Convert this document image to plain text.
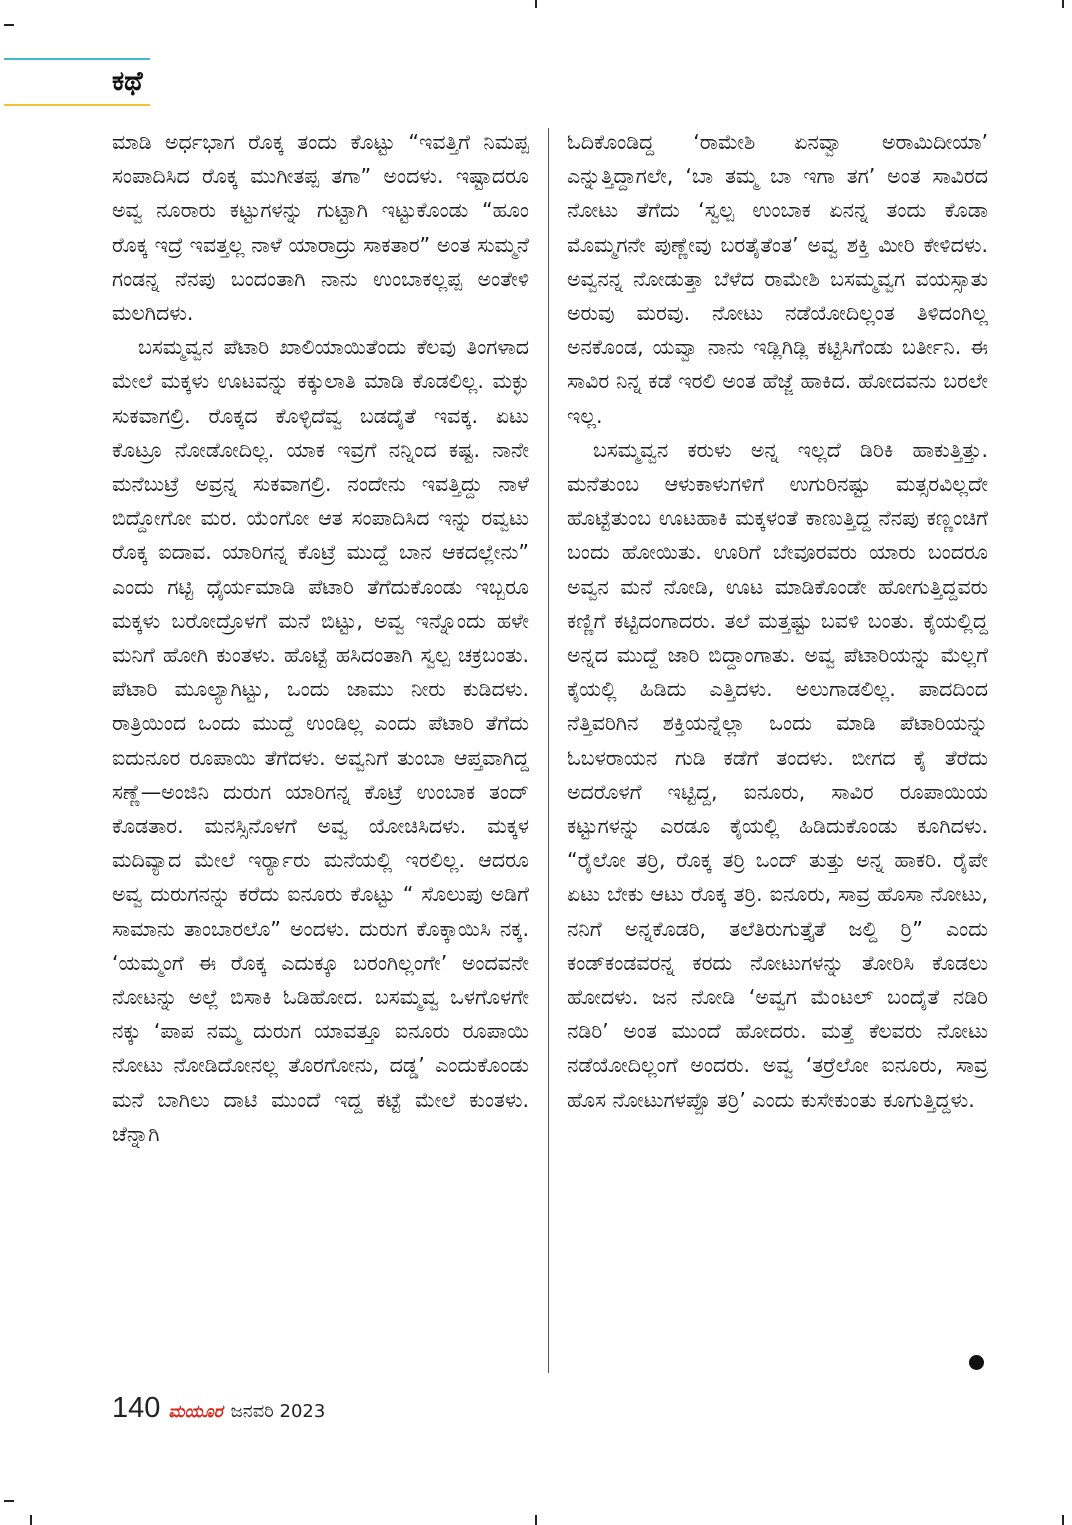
ಕಥೆ

ಮಾಡಿ ಅರ್ಧಭಾಗ ರೊಕ್ಕ ತಂದು ಕೊಟ್ಟು “ಇವತ್ತಿಗೆ ನಿಮಪ್ಪ ಸಂಪಾದಿಸಿದ ರೊಕ್ಕ ಮುಗೀತಪ್ಪ ತಗಾ” ಅಂದಳು. ಇಷ್ಟಾದರೂ ಅವ್ವ ನೂರಾರು ಕಟ್ಟುಗಳನ್ನು ಗುಟ್ಟಾಗಿ ಇಟ್ಟುಕೊಂಡು “ಹೂಂ ರೊಕ್ಕ ಇದ್ರೆ ಇವತ್ತಲ್ಲ ನಾಳೆ ಯಾರಾದ್ರು ಸಾಕತಾರ” ಅಂತ ಸುಮ್ಮನೆ ಗಂಡನ್ನ ನೆನಪು ಬಂದಂತಾಗಿ ನಾನು ಉಂಬಾಕಲ್ಲಪ್ಪ ಅಂತೇಳಿ ಮಲಗಿದಳು.

ಬಸಮ್ಮವ್ವನ ಪೆಟಾರಿ ಖಾಲಿಯಾಯಿತೆಂದು ಕೆಲವು ತಿಂಗಳಾದ ಮೇಲೆ ಮಕ್ಕಳು ಊಟವನ್ನು ಕಕ್ಕುಲಾತಿ ಮಾಡಿ ಕೊಡಲಿಲ್ಲ. ಮಕ್ಳು ಸುಕವಾಗಲ್ರಿ. ರೊಕ್ಕದ ಕೊಳ್ಳಿದೆವ್ವ ಬಡದೈತೆ ಇವಕ್ಕ. ಏಟು ಕೊಟ್ರೂ ನೋಡೋದಿಲ್ಲ. ಯಾಕ ಇವ್ರಗೆ ನನ್ನಿಂದ ಕಷ್ಟ. ನಾನೇ ಮನೆಬುಟ್ರೆ ಅವ್ರನ್ನ ಸುಕವಾಗಲ್ರಿ. ನಂದೇನು ಇವತ್ತಿದ್ದು ನಾಳೆ ಬಿದ್ದೋಗೋ ಮರ. ಯೆಂಗೋ ಆತ ಸಂಪಾದಿಸಿದ ಇನ್ನು ರವ್ವಟು ರೊಕ್ಕ ಐದಾವ. ಯಾರಿಗನ್ನ ಕೊಟ್ರೆ ಮುದ್ದೆ ಬಾನ ಆಕದಲ್ಲೇನು” ಎಂದು ಗಟ್ಟಿ ಧೈರ್ಯಮಾಡಿ ಪೆಟಾರಿ ತೆಗೆದುಕೊಂಡು ಇಬ್ಬರೂ ಮಕ್ಕಳು ಬರೋದ್ರೊಳಗೆ ಮನೆ ಬಿಟ್ಟು, ಅವ್ವ ಇನ್ನೊಂದು ಹಳೇ ಮನಿಗೆ ಹೋಗಿ ಕುಂತಳು. ಹೊಟ್ಟೆ ಹಸಿದಂತಾಗಿ ಸ್ವಲ್ಪ ಚಕ್ರಬಂತು. ಪೆಟಾರಿ ಮೂಲ್ಯಾಗಿಟ್ಟು, ಒಂದು ಜಾಮು ನೀರು ಕುಡಿದಳು. ರಾತ್ರಿಯಿಂದ ಒಂದು ಮುದ್ದೆ ಉಂಡಿಲ್ಲ ಎಂದು ಪೆಟಾರಿ ತೆಗೆದು ಐದುನೂರ ರೂಪಾಯಿ ತೆಗೆದಳು. ಅವ್ವನಿಗೆ ತುಂಬಾ ಆಪ್ತವಾಗಿದ್ದ ಸಣ್ಣೆ—ಅಂಜಿನಿ ದುರುಗ ಯಾರಿಗನ್ನ ಕೊಟ್ರೆ ಉಂಬಾಕ ತಂದ್ ಕೊಡತಾರ. ಮನಸ್ಸಿನೊಳಗೆ ಅವ್ವ ಯೋಚಿಸಿದಳು. ಮಕ್ಕಳ ಮದಿವ್ಯಾದ ಮೇಲೆ ಇರ್ರ್ಯಾರು ಮನೆಯಲ್ಲಿ ಇರಲಿಲ್ಲ. ಆದರೂ ಅವ್ವ ದುರುಗನನ್ನು ಕರೆದು ಐನೂರು ಕೊಟ್ಟು “ ಸೊಲುಪು ಅಡಿಗೆ ಸಾಮಾನು ತಾಂಬಾರಲೊ” ಅಂದಳು. ದುರುಗ ಕೊಕ್ಕಾಯಿಸಿ ನಕ್ಕ. ‘ಯಮ್ಮಂಗೆ ಈ ರೊಕ್ಕ ಎದುಕ್ಕೂ ಬರಂಗಿಲ್ಲಂಗೇ’ ಅಂದವನೇ ನೋಟನ್ನು ಅಲ್ಲೆ ಬಿಸಾಕಿ ಓಡಿಹೋದ. ಬಸಮ್ಮವ್ವ ಒಳಗೊಳಗೇ ನಕ್ಕು ‘ಪಾಪ ನಮ್ಮ ದುರುಗ ಯಾವತ್ತೂ ಐನೂರು ರೂಪಾಯಿ ನೋಟು ನೋಡಿದೋನಲ್ಲ ತೊರಗೋನು, ದಡ್ಡ’ ಎಂದುಕೊಂಡು ಮನೆ ಬಾಗಿಲು ದಾಟಿ ಮುಂದೆ ಇದ್ದ ಕಟ್ಟೆ ಮೇಲೆ ಕುಂತಳು. ಚೆನ್ನಾಗಿ

ಓದಿಕೊಂಡಿದ್ದ ‘ರಾಮೇಶಿ ಏನವ್ವಾ ಅರಾಮಿದೀಯಾ’ ಎನ್ನುತ್ತಿದ್ದಾಗಲೇ, ‘ಬಾ ತಮ್ಮ ಬಾ ಇಗಾ ತಗ’ ಅಂತ ಸಾವಿರದ ನೋಟು ತೆಗೆದು ‘ಸ್ವಲ್ಪ ಉಂಬಾಕ ಏನನ್ನ ತಂದು ಕೊಡಾ ಮೊಮ್ಮಗನೇ ಪುಣ್ಣೇವು ಬರತೈತೆಂತ’ ಅವ್ವ ಶಕ್ತಿ ಮೀರಿ ಕೇಳಿದಳು. ಅವ್ವನನ್ನ ನೋಡುತ್ತಾ ಬೆಳೆದ ರಾಮೇಶಿ ಬಸಮ್ಮವ್ವಗ ವಯಸ್ಸಾತು ಅರುವು ಮರವು. ನೋಟು ನಡೆಯೋದಿಲ್ಲಂತ ತಿಳಿದಂಗಿಲ್ಲ ಅನಕೊಂಡ, ಯವ್ವಾ ನಾನು ಇಡ್ಲಿಗಿಡ್ಲಿ ಕಟ್ಟಿಸಿಗೆಂಡು ಬರ್ತೀನಿ. ಈ ಸಾವಿರ ನಿನ್ನ ಕಡೆ ಇರಲಿ ಅಂತ ಹೆಜ್ಜೆ ಹಾಕಿದ. ಹೋದವನು ಬರಲೇ ಇಲ್ಲ.

ಬಸಮ್ಮವ್ವನ ಕರುಳು ಅನ್ನ ಇಲ್ಲದೆ ಡಿರಿಕಿ ಹಾಕುತ್ತಿತ್ತು. ಮನೆತುಂಬ ಆಳುಕಾಳುಗಳಿಗೆ ಉಗುರಿನಷ್ಟು ಮತ್ಸರವಿಲ್ಲದೇ ಹೊಟ್ಟೆತುಂಬ ಊಟಹಾಕಿ ಮಕ್ಕಳಂತೆ ಕಾಣುತ್ತಿದ್ದ ನೆನಪು ಕಣ್ಣಂಚಿಗೆ ಬಂದು ಹೋಯಿತು. ಊರಿಗೆ ಬೇವೂರವರು ಯಾರು ಬಂದರೂ ಅವ್ವನ ಮನೆ ನೋಡಿ, ಊಟ ಮಾಡಿಕೊಂಡೇ ಹೋಗುತ್ತಿದ್ದವರು ಕಣ್ಣಿಗೆ ಕಟ್ಟಿದಂಗಾದರು. ತಲೆ ಮತ್ತಷ್ಟು ಬವಳಿ ಬಂತು. ಕೈಯಲ್ಲಿದ್ದ ಅನ್ನದ ಮುದ್ದೆ ಜಾರಿ ಬಿದ್ದಾಂಗಾತು. ಅವ್ವ ಪೆಟಾರಿಯನ್ನು ಮೆಲ್ಲಗೆ ಕೈಯಲ್ಲಿ ಹಿಡಿದು ಎತ್ತಿದಳು. ಅಲುಗಾಡಲಿಲ್ಲ. ಪಾದದಿಂದ ನೆತ್ತಿವರಿಗಿನ ಶಕ್ತಿಯನ್ನೆಲ್ಲಾ ಒಂದು ಮಾಡಿ ಪೆಟಾರಿಯನ್ನು ಓಬಳರಾಯನ ಗುಡಿ ಕಡೆಗೆ ತಂದಳು. ಬೀಗದ ಕೈ ತೆರೆದು ಅದರೊಳಗೆ ಇಟ್ಟಿದ್ದ, ಐನೂರು, ಸಾವಿರ ರೂಪಾಯಿಯ ಕಟ್ಟುಗಳನ್ನು ಎರಡೂ ಕೈಯಲ್ಲಿ ಹಿಡಿದುಕೊಂಡು ಕೂಗಿದಳು. “ರೈಲೋ ತರ್ರಿ, ರೊಕ್ಕ ತರ್ರಿ ಒಂದ್ ತುತ್ತು ಅನ್ನ ಹಾಕರಿ. ರೈಪೇ ಏಟು ಬೇಕು ಆಟು ರೊಕ್ಕ ತರ್ರಿ. ಐನೂರು, ಸಾವ್ರ ಹೊಸಾ ನೋಟು, ನನಿಗೆ ಅನ್ನಕೊಡರಿ, ತಲೆತಿರುಗುತ್ತೈತೆ ಜಲ್ದಿ ರ್ರಿ” ಎಂದು ಕಂಡ್‌ಕಂಡವರನ್ನ ಕರದು ನೋಟುಗಳನ್ನು ತೋರಿಸಿ ಕೊಡಲು ಹೋದಳು. ಜನ ನೋಡಿ ‘ಅವ್ವಗ ಮೆಂಟಲ್ ಬಂದೈತೆ ನಡಿರಿ ನಡಿರಿ’ ಅಂತ ಮುಂದೆ ಹೋದರು. ಮತ್ತೆ ಕೆಲವರು ನೋಟು ನಡೆಯೋದಿಲ್ಲಂಗೆ ಅಂದರು. ಅವ್ವ ‘ತರ್ರೆಲೋ ಐನೂರು, ಸಾವ್ರ ಹೊಸ ನೋಟುಗಳಪ್ಪೊ ತರ್ರಿ’ ಎಂದು ಕುಸೇಕುಂತು ಕೂಗುತ್ತಿದ್ದಳು.

140 ಮಯೂರ ಜನವರಿ 2023
